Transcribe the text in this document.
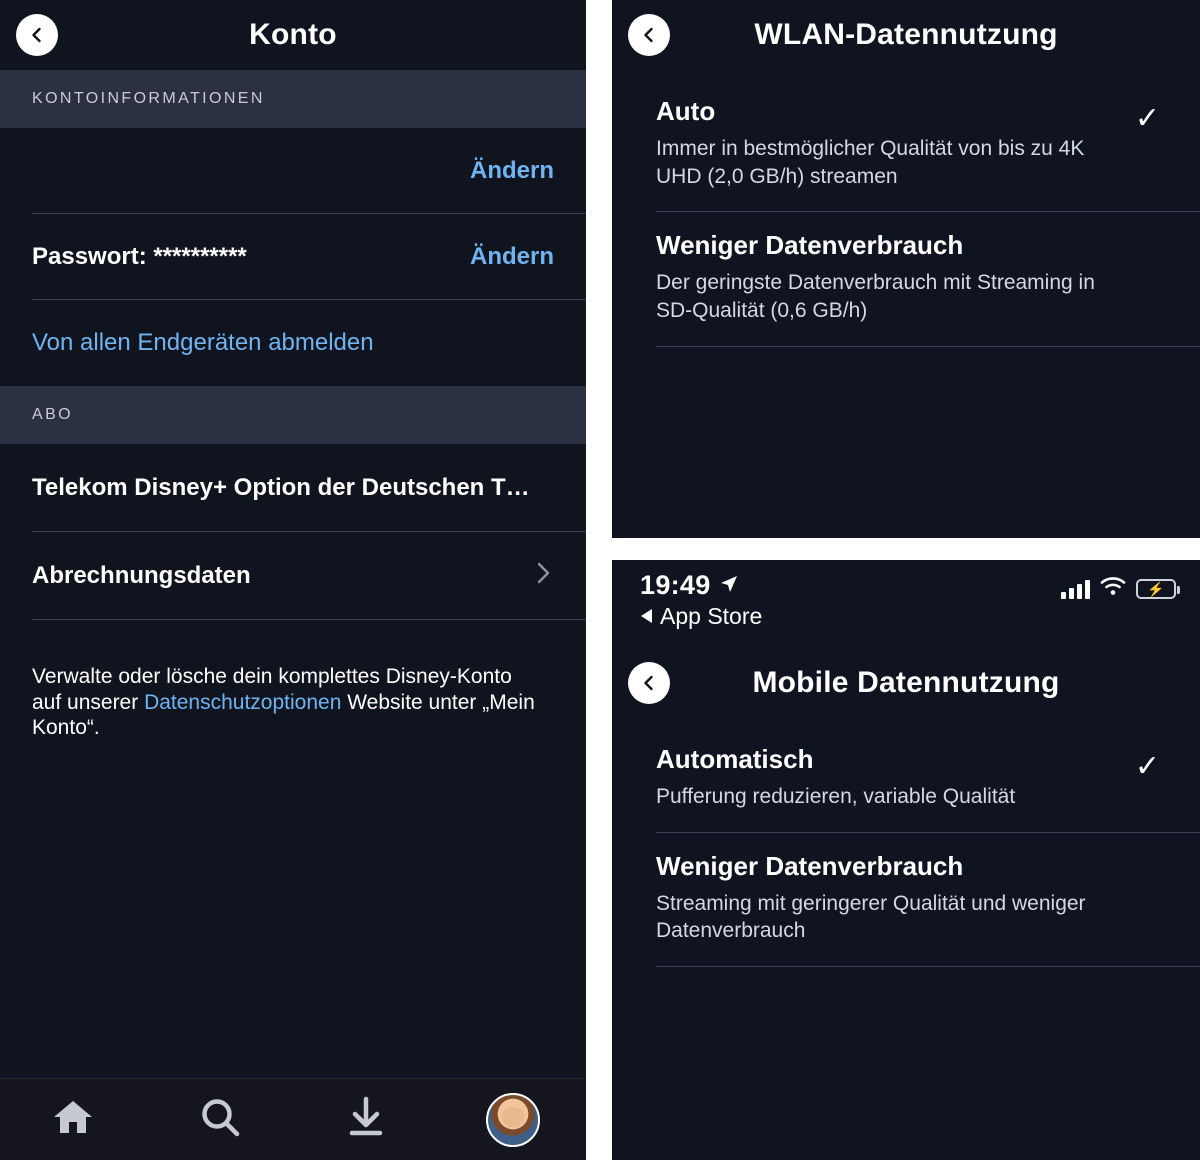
Konto
KONTOINFORMATIONEN
Ändern
Passwort: **********	Ändern
Von allen Endgeräten abmelden
ABO
Telekom Disney+ Option der Deutschen T…
Abrechnungsdaten
Verwalte oder lösche dein komplettes Disney-Konto auf unserer Datenschutzoptionen Website unter „Mein Konto“.
WLAN-Datennutzung
Auto
Immer in bestmöglicher Qualität von bis zu 4K UHD (2,0 GB/h) streamen
✓
Weniger Datenverbrauch
Der geringste Datenverbrauch mit Streaming in SD-Qualität (0,6 GB/h)
19:49
App Store
⚡
Mobile Datennutzung
Automatisch
Pufferung reduzieren, variable Qualität
✓
Weniger Datenverbrauch
Streaming mit geringerer Qualität und weniger Datenverbrauch
